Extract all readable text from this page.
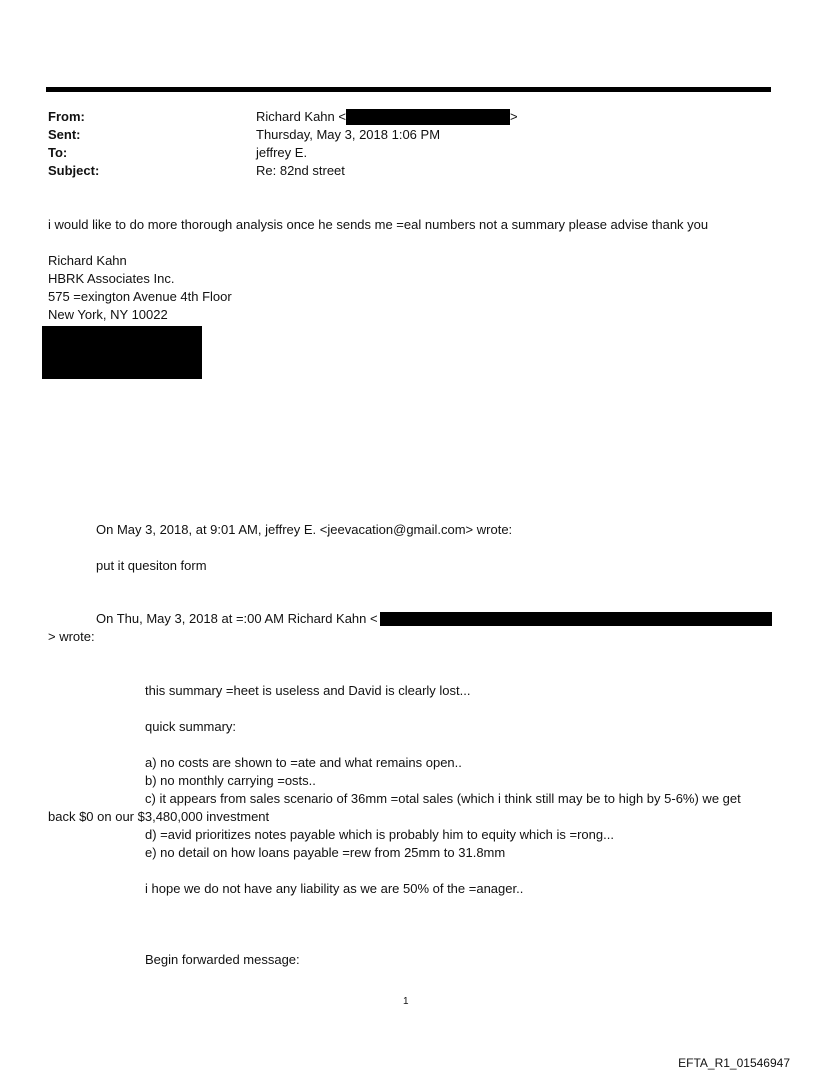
From:	Richard Kahn <	>
Sent:	Thursday, May 3, 2018 1:06 PM
To:	jeffrey E.
Subject:	Re: 82nd street
i would like to do more thorough analysis once he sends me =eal numbers not a summary please advise thank you
Richard Kahn
HBRK Associates Inc.
575 =exington Avenue 4th Floor
New York, NY 10022
On May 3, 2018, at 9:01 AM, jeffrey E. <jeevacation@gmail.com> wrote:
put it quesiton form
On Thu, May 3, 2018 at =:00 AM Richard Kahn <
> wrote:
this summary =heet is useless and David is clearly lost...
quick summary:
a) no costs are shown to =ate and what remains open..
b) no monthly carrying =osts..
c) it appears from sales scenario of 36mm =otal sales (which i think still may be to high by 5-6%) we get
back $0 on our $3,480,000 investment
d) =avid prioritizes notes payable which is probably him to equity which is =rong...
e) no detail on how loans payable =rew from 25mm to 31.8mm
i hope we do not have any liability as we are 50% of the =anager..
Begin forwarded message:
1
EFTA_R1_01546947
